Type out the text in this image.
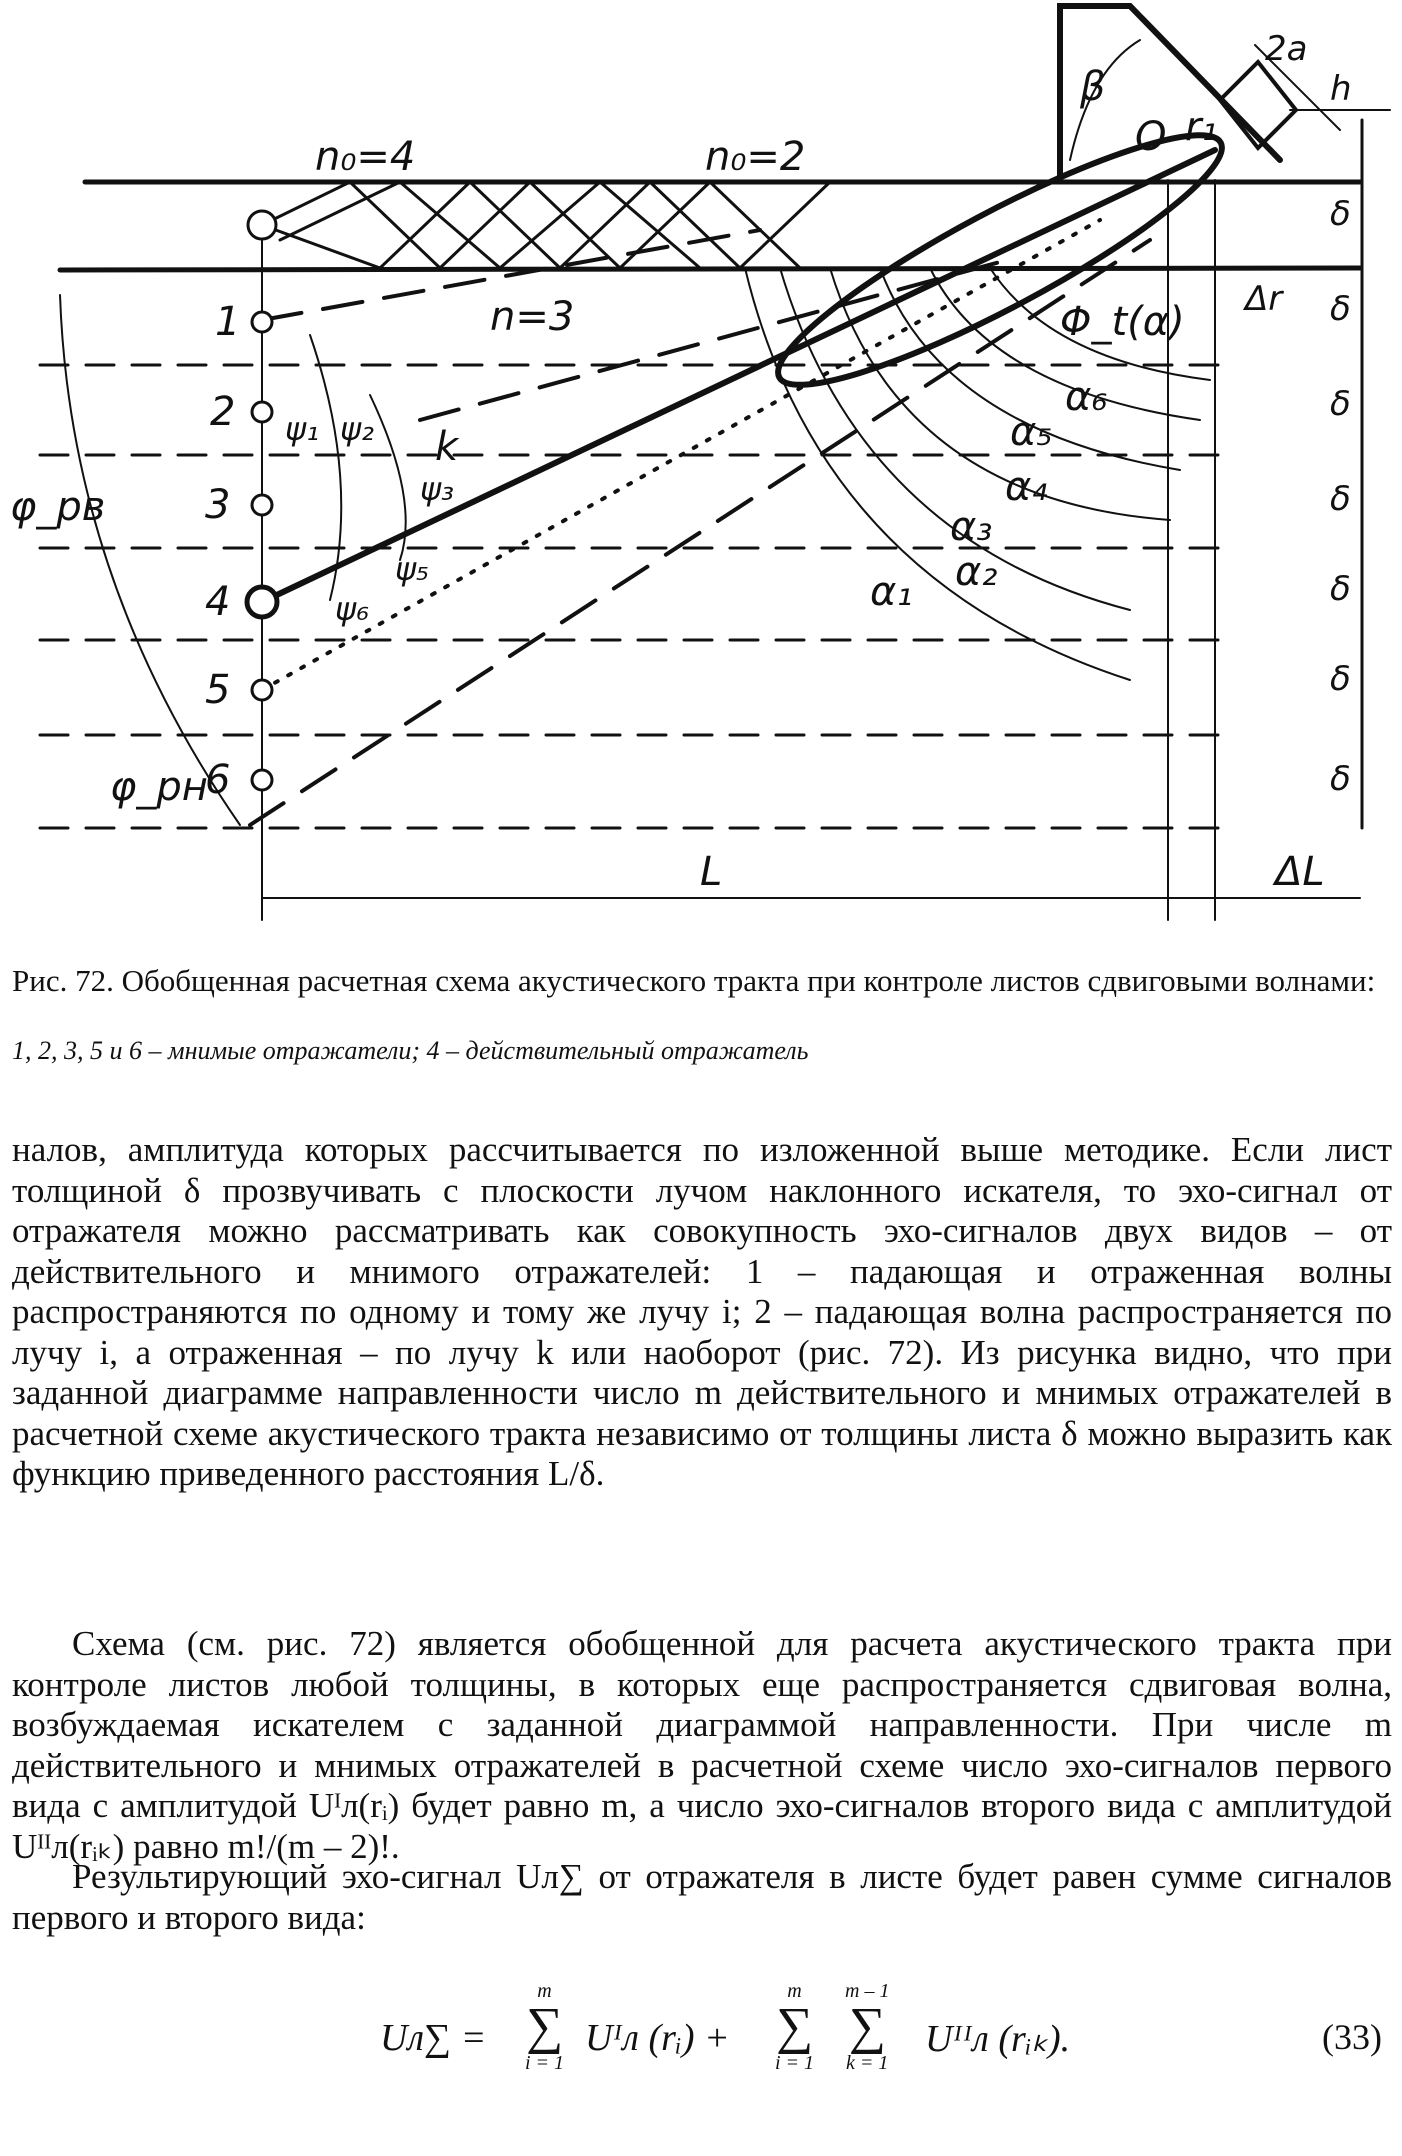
n₀=4	n₀=2
n=3
β
O r₁
2a
h
Φ_t(α) Δr
φ_рв
φ_рн
ψ₁ ψ₂
ψ₃
ψ₅
ψ₆
k
α₁ α₂
α₃
α₄
α₅
α₆
L	ΔL
1
2
3
4
5
6
δ
δ
δ
δ
δ
δ
δ
Рис. 72. Обобщенная расчетная схема акустического тракта при контроле листов сдвиговыми волнами:
1, 2, 3, 5 и 6 – мнимые отражатели; 4 – действительный отражатель

налов, амплитуда которых рассчитывается по изложенной выше методике. Если лист толщиной δ прозвучивать с плоскости лучом наклонного искателя, то эхо-сигнал от отражателя можно рассматривать как совокупность эхо-сигналов двух видов – от действительного и мнимого отражателей: 1 – падающая и отраженная волны распространяются по одному и тому же лучу i; 2 – падающая волна распространяется по лучу i, а отраженная – по лучу k или наоборот (рис. 72). Из рисунка видно, что при заданной диаграмме направленности число m действительного и мнимых отражателей в расчетной схеме акустического тракта независимо от толщины листа δ можно выразить как функцию приведенного расстояния L/δ.

Схема (см. рис. 72) является обобщенной для расчета акустического тракта при контроле листов любой толщины, в которых еще распространяется сдвиговая волна, возбуждаемая искателем с заданной диаграммой направленности. При числе m действительного и мнимых отражателей в расчетной схеме число эхо-сигналов первого вида с амплитудой Uᴵл(rᵢ) будет равно m, а число эхо-сигналов второго вида с амплитудой Uᴵᴵл(rᵢₖ) равно m!/(m – 2)!.

Результирующий эхо-сигнал Uл∑ от отражателя в листе будет равен сумме сигналов первого и второго вида:

Uл∑ =
m
∑
i = 1
Uᴵл (rᵢ) +
m
∑
i = 1
m – 1
∑
k = 1
Uᴵᴵл (rᵢₖ).	(33)
